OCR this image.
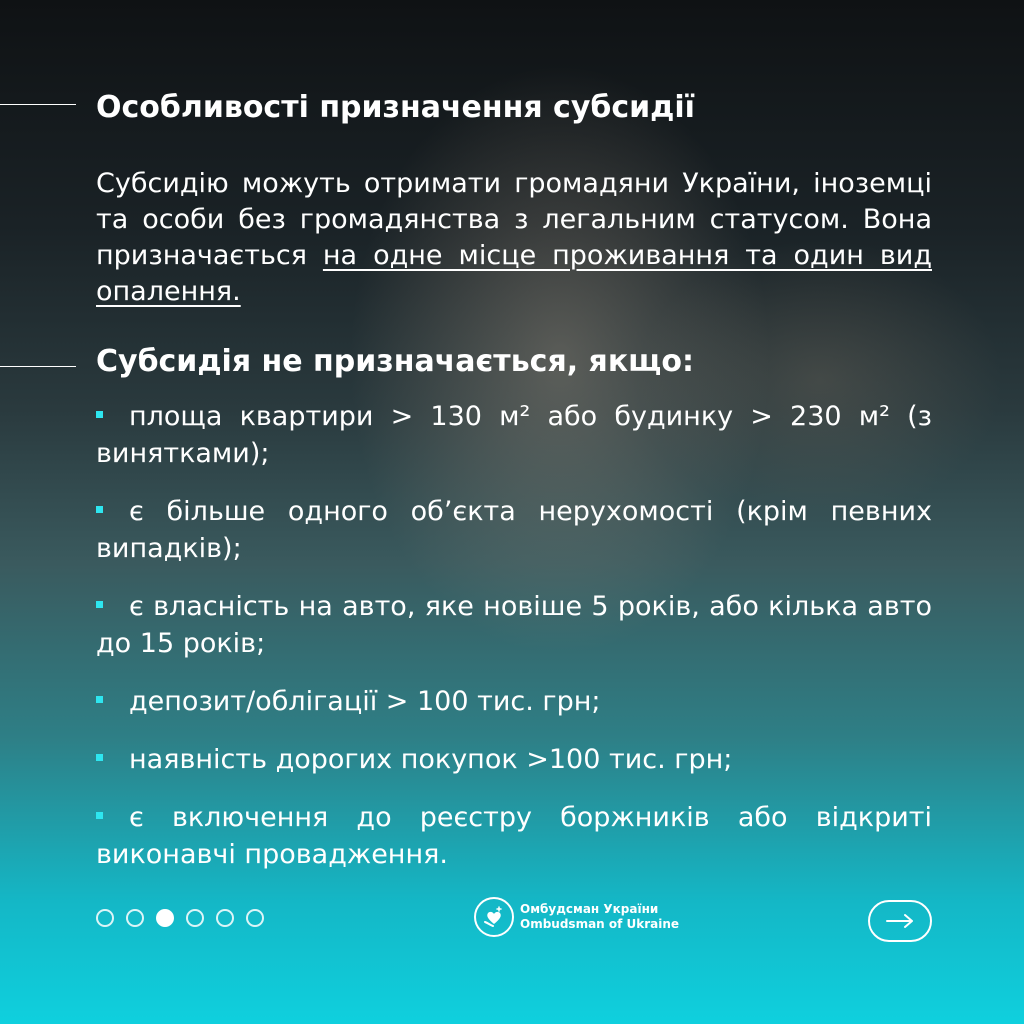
Особливості призначення субсидії
Субсидію можуть отримати громадяни України, іноземці та особи без громадянства з легальним статусом. Вона призначається на одне місце проживання та один вид опалення.
Субсидія не призначається, якщо:
площа квартири > 130 м² або будинку > 230 м² (з винятками);
є більше одного об’єкта нерухомості (крім певних випадків);
є власність на авто, яке новіше 5 років, або кілька авто до 15 років;
депозит/облігації > 100 тис. грн;
наявність дорогих покупок >100 тис. грн;
є включення до реєстру боржників або відкриті виконавчі провадження.
Омбудсман України
Ombudsman of Ukraine
